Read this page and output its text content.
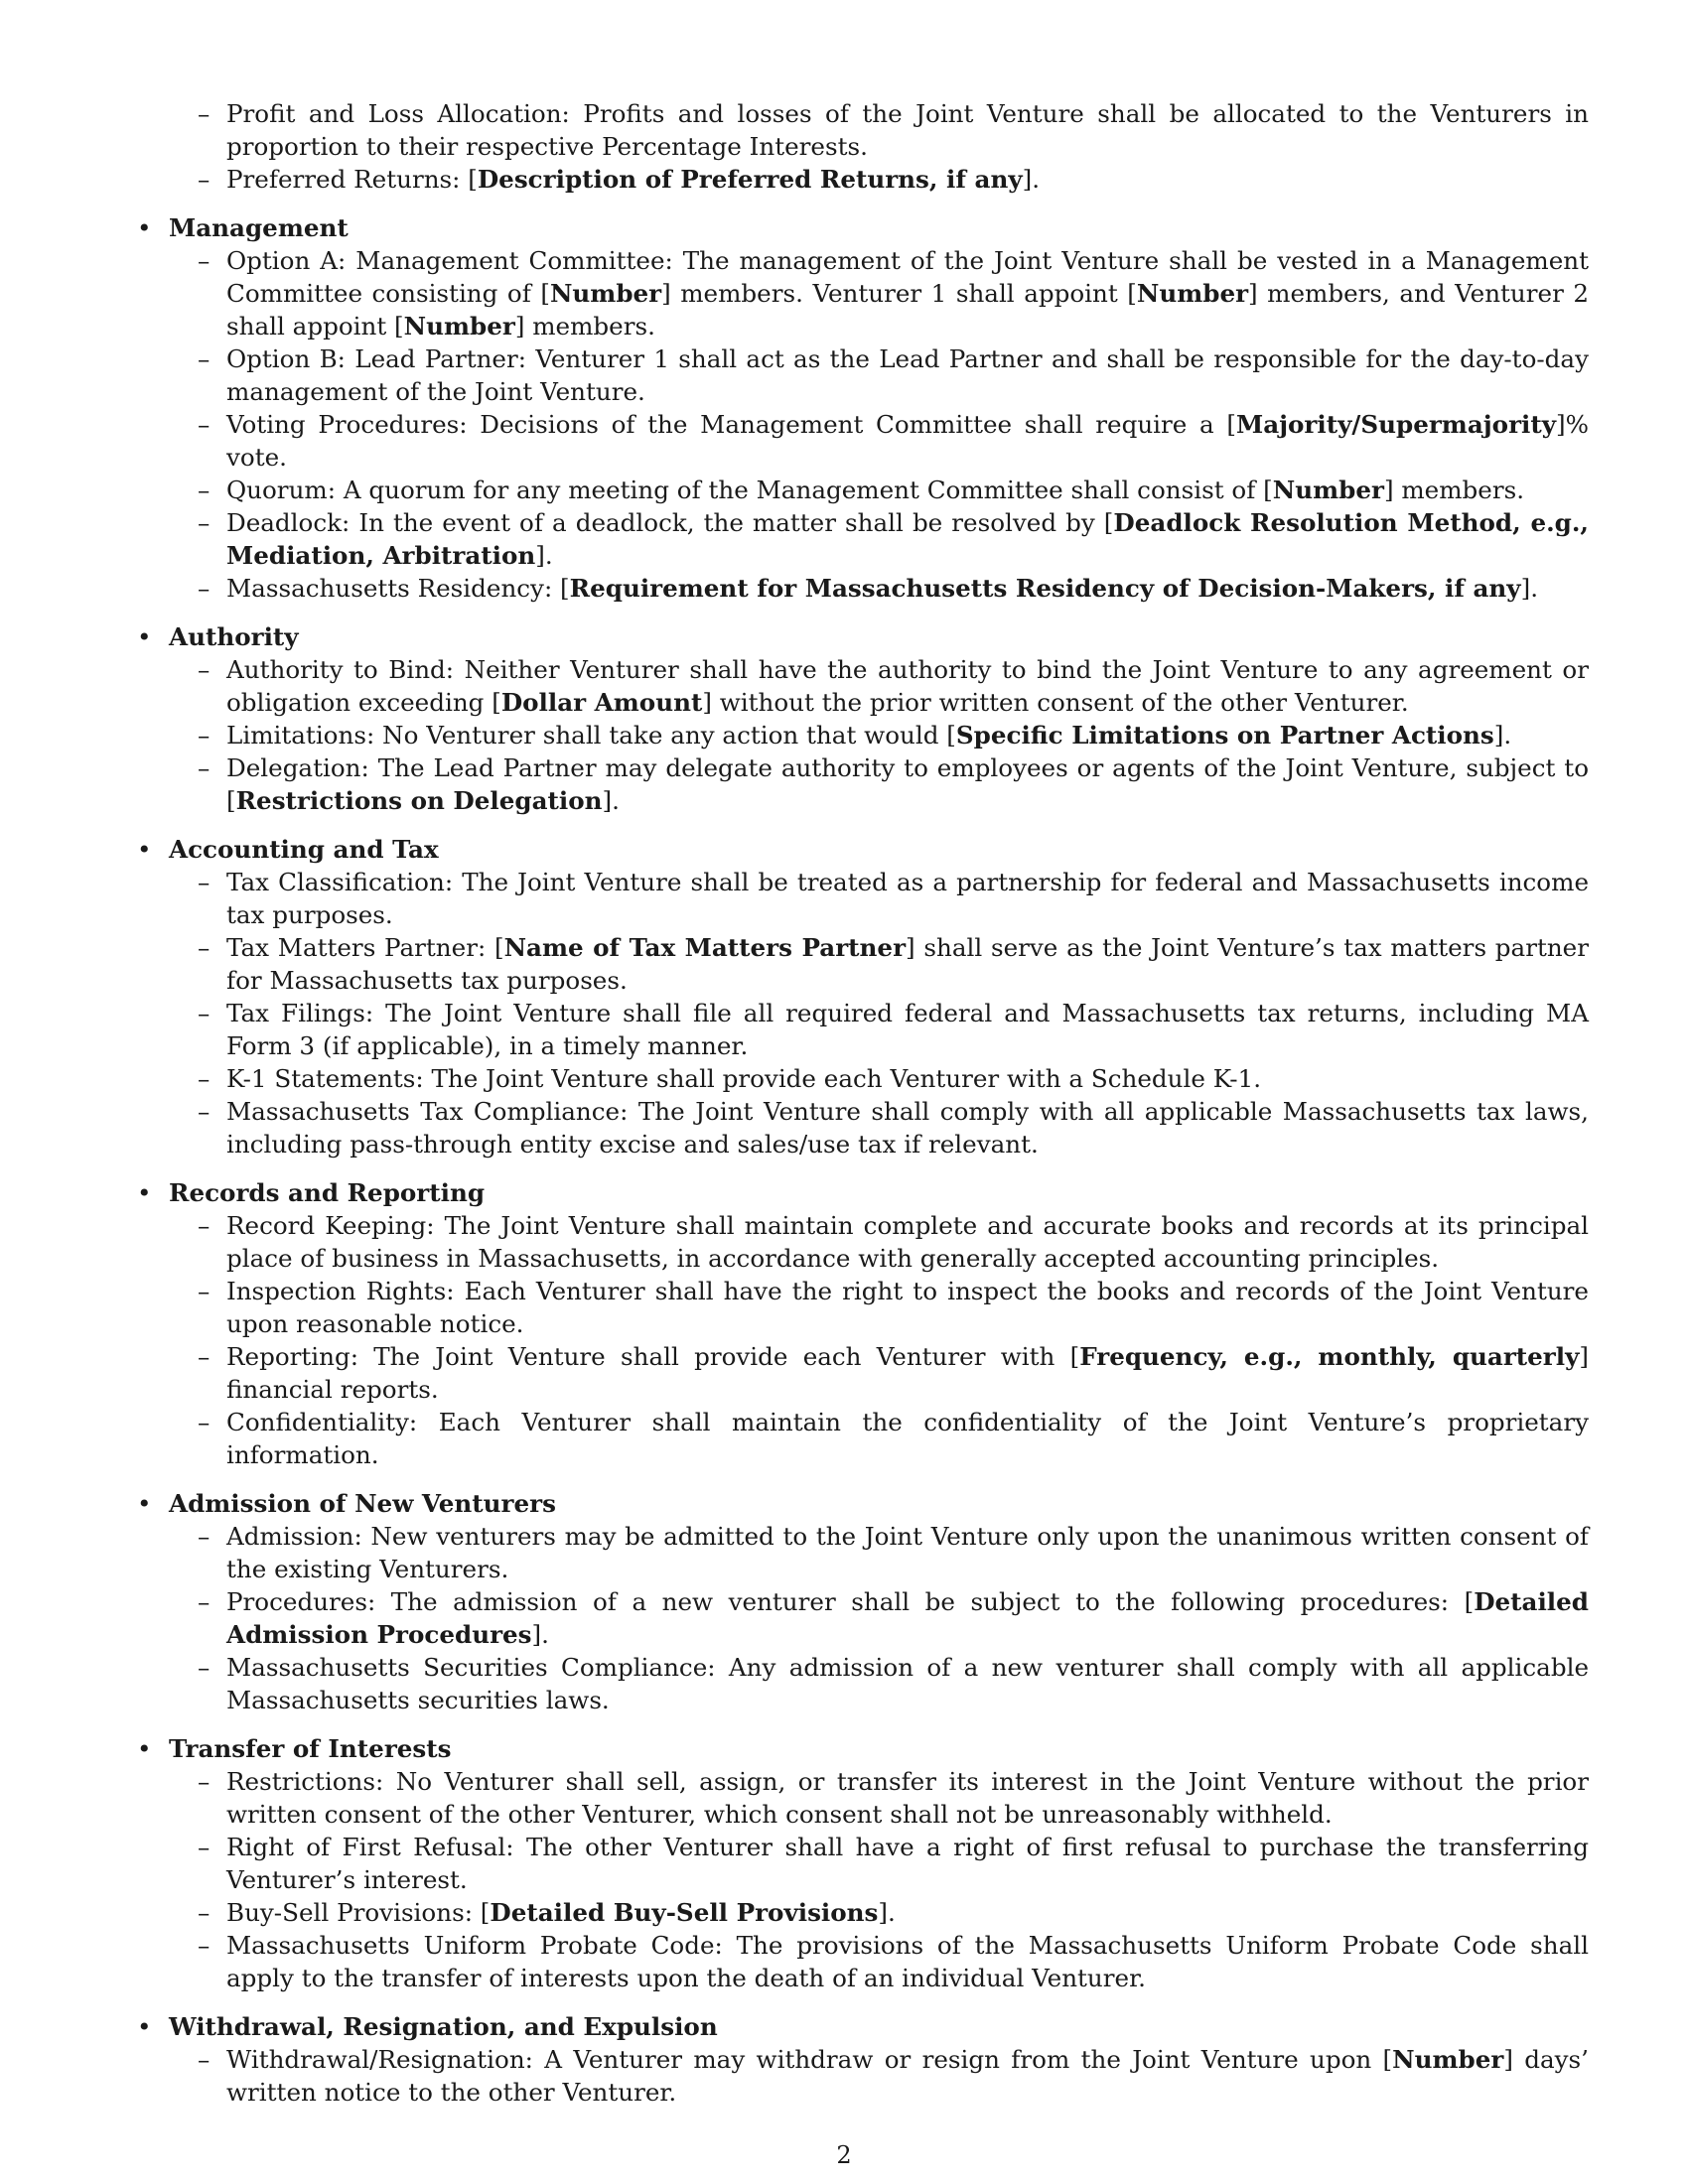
– Profit and Loss Allocation: Profits and losses of the Joint Venture shall be allocated to the Venturers in proportion to their respective Percentage Interests.
– Preferred Returns: [Description of Preferred Returns, if any].
• Management
– Option A: Management Committee: The management of the Joint Venture shall be vested in a Management Committee consisting of [Number] members. Venturer 1 shall appoint [Number] members, and Venturer 2 shall appoint [Number] members.
– Option B: Lead Partner: Venturer 1 shall act as the Lead Partner and shall be responsible for the day-to-day management of the Joint Venture.
– Voting Procedures: Decisions of the Management Committee shall require a [Majority/Supermajority]% vote.
– Quorum: A quorum for any meeting of the Management Committee shall consist of [Number] members.
– Deadlock: In the event of a deadlock, the matter shall be resolved by [Deadlock Resolution Method, e.g., Mediation, Arbitration].
– Massachusetts Residency: [Requirement for Massachusetts Residency of Decision-Makers, if any].
• Authority
– Authority to Bind: Neither Venturer shall have the authority to bind the Joint Venture to any agreement or obligation exceeding [Dollar Amount] without the prior written consent of the other Venturer.
– Limitations: No Venturer shall take any action that would [Specific Limitations on Partner Actions].
– Delegation: The Lead Partner may delegate authority to employees or agents of the Joint Venture, subject to [Restrictions on Delegation].
• Accounting and Tax
– Tax Classification: The Joint Venture shall be treated as a partnership for federal and Massachusetts income tax purposes.
– Tax Matters Partner: [Name of Tax Matters Partner] shall serve as the Joint Venture’s tax matters partner for Massachusetts tax purposes.
– Tax Filings: The Joint Venture shall file all required federal and Massachusetts tax returns, including MA Form 3 (if applicable), in a timely manner.
– K-1 Statements: The Joint Venture shall provide each Venturer with a Schedule K-1.
– Massachusetts Tax Compliance: The Joint Venture shall comply with all applicable Massachusetts tax laws, including pass-through entity excise and sales/use tax if relevant.
• Records and Reporting
– Record Keeping: The Joint Venture shall maintain complete and accurate books and records at its principal place of business in Massachusetts, in accordance with generally accepted accounting principles.
– Inspection Rights: Each Venturer shall have the right to inspect the books and records of the Joint Venture upon reasonable notice.
– Reporting: The Joint Venture shall provide each Venturer with [Frequency, e.g., monthly, quarterly] financial reports.
– Confidentiality: Each Venturer shall maintain the confidentiality of the Joint Venture’s proprietary information.
• Admission of New Venturers
– Admission: New venturers may be admitted to the Joint Venture only upon the unanimous written consent of the existing Venturers.
– Procedures: The admission of a new venturer shall be subject to the following procedures: [Detailed Admission Procedures].
– Massachusetts Securities Compliance: Any admission of a new venturer shall comply with all applicable Massachusetts securities laws.
• Transfer of Interests
– Restrictions: No Venturer shall sell, assign, or transfer its interest in the Joint Venture without the prior written consent of the other Venturer, which consent shall not be unreasonably withheld.
– Right of First Refusal: The other Venturer shall have a right of first refusal to purchase the transferring Venturer’s interest.
– Buy-Sell Provisions: [Detailed Buy-Sell Provisions].
– Massachusetts Uniform Probate Code: The provisions of the Massachusetts Uniform Probate Code shall apply to the transfer of interests upon the death of an individual Venturer.
• Withdrawal, Resignation, and Expulsion
– Withdrawal/Resignation: A Venturer may withdraw or resign from the Joint Venture upon [Number] days’ written notice to the other Venturer.
2
